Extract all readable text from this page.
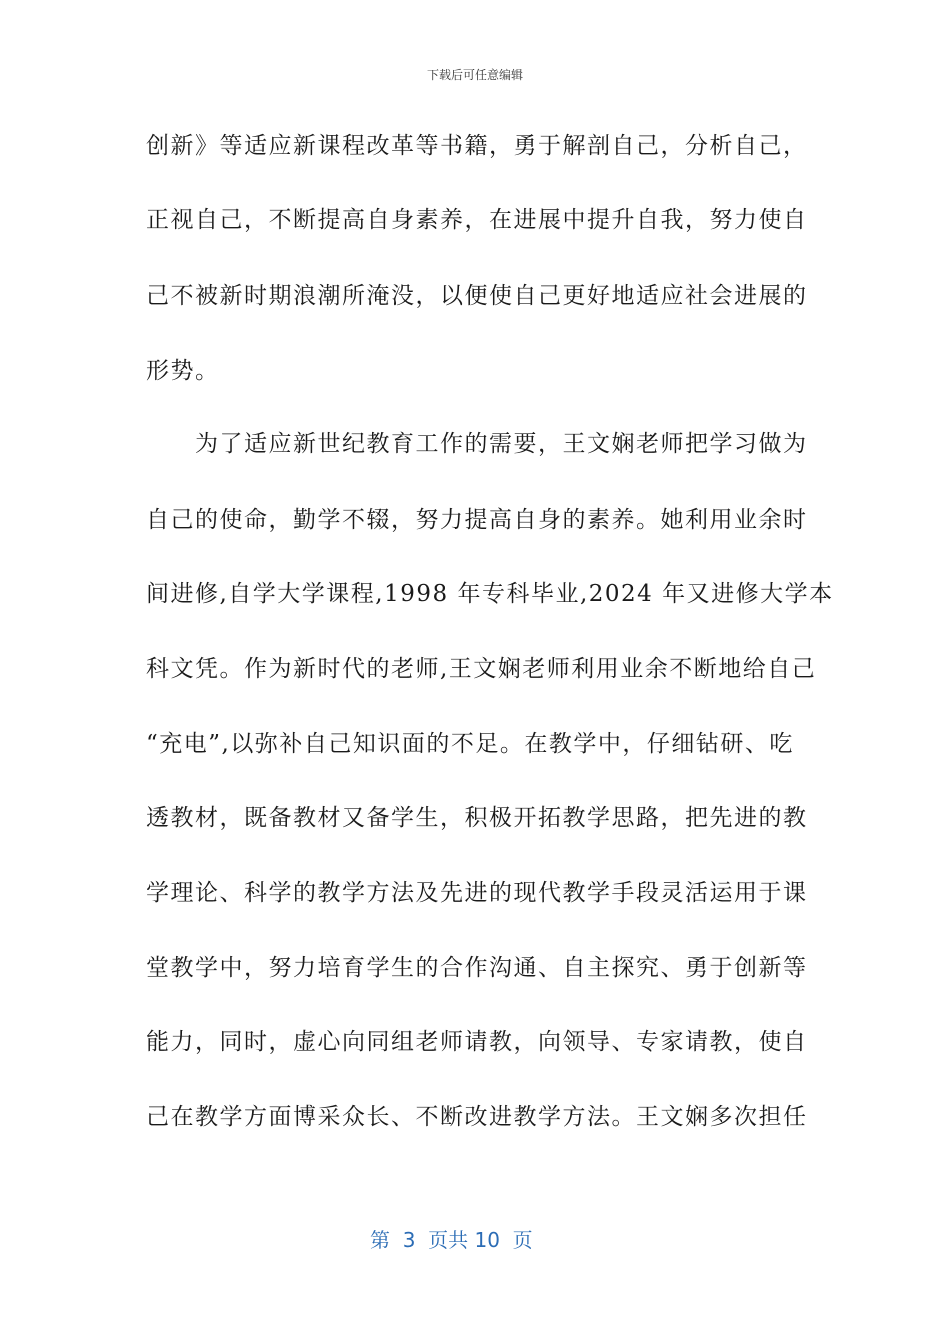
下载后可任意编辑
创新》等适应新课程改革等书籍，勇于解剖自己，分析自己，
正视自己，不断提高自身素养，在进展中提升自我，努力使自
己不被新时期浪潮所淹没，以便使自己更好地适应社会进展的
形势。
　　为了适应新世纪教育工作的需要，王文娴老师把学习做为
自己的使命，勤学不辍，努力提高自身的素养。她利用业余时
间进修,自学大学课程,1998 年专科毕业,2024 年又进修大学本
科文凭。作为新时代的老师,王文娴老师利用业余不断地给自己
“充电”,以弥补自己知识面的不足。在教学中，仔细钻研、吃
透教材，既备教材又备学生，积极开拓教学思路，把先进的教
学理论、科学的教学方法及先进的现代教学手段灵活运用于课
堂教学中，努力培育学生的合作沟通、自主探究、勇于创新等
能力，同时，虚心向同组老师请教，向领导、专家请教，使自
己在教学方面博采众长、不断改进教学方法。王文娴多次担任
第  3  页共 10  页
